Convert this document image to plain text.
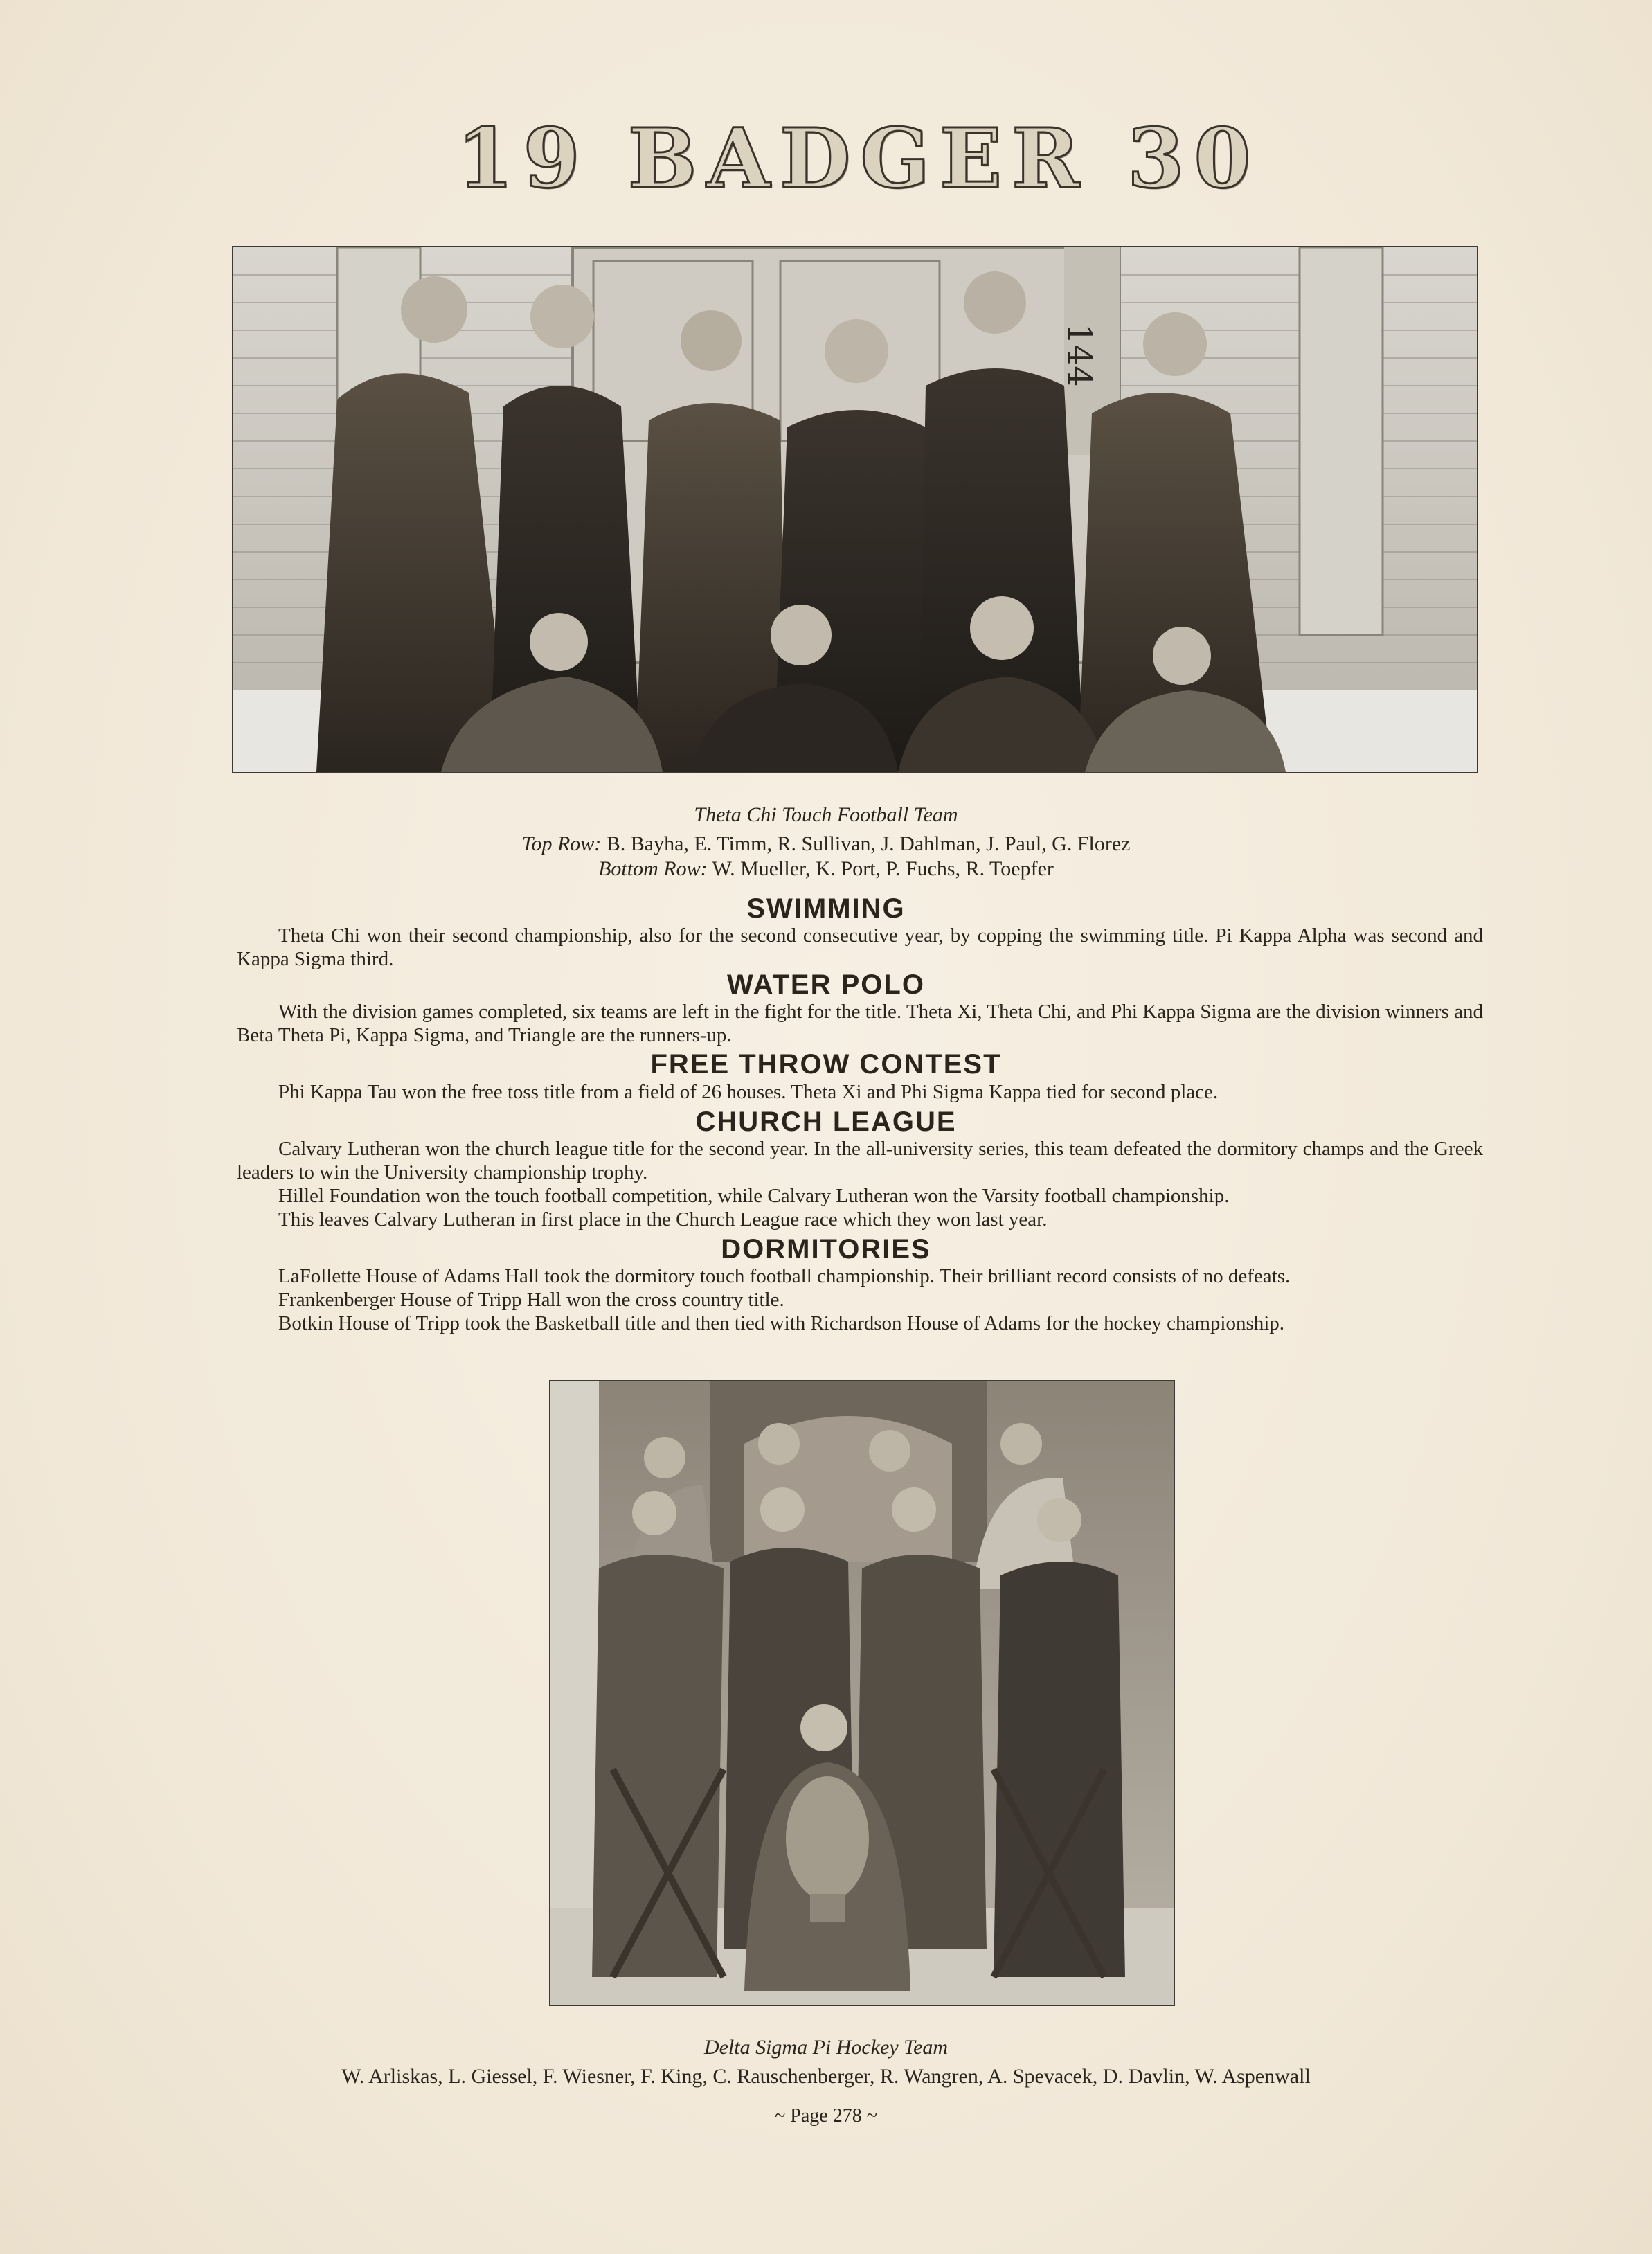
19 BADGER 30
144
Theta Chi Touch Football Team
Top Row: B. Bayha, E. Timm, R. Sullivan, J. Dahlman, J. Paul, G. Florez
Bottom Row: W. Mueller, K. Port, P. Fuchs, R. Toepfer
SWIMMING
Theta Chi won their second championship, also for the second consecutive year, by copping the swimming title. Pi Kappa Alpha was second and Kappa Sigma third.
WATER POLO
With the division games completed, six teams are left in the fight for the title. Theta Xi, Theta Chi, and Phi Kappa Sigma are the division winners and Beta Theta Pi, Kappa Sigma, and Triangle are the runners-up.
FREE THROW CONTEST
Phi Kappa Tau won the free toss title from a field of 26 houses. Theta Xi and Phi Sigma Kappa tied for second place.
CHURCH LEAGUE
Calvary Lutheran won the church league title for the second year. In the all-university series, this team defeated the dormitory champs and the Greek leaders to win the University championship trophy.
Hillel Foundation won the touch football competition, while Calvary Lutheran won the Varsity football championship.
This leaves Calvary Lutheran in first place in the Church League race which they won last year.
DORMITORIES
LaFollette House of Adams Hall took the dormitory touch football championship. Their brilliant record consists of no defeats.
Frankenberger House of Tripp Hall won the cross country title.
Botkin House of Tripp took the Basketball title and then tied with Richardson House of Adams for the hockey championship.
Delta Sigma Pi Hockey Team
W. Arliskas, L. Giessel, F. Wiesner, F. King, C. Rauschenberger, R. Wangren, A. Spevacek, D. Davlin, W. Aspenwall
~ Page 278 ~
